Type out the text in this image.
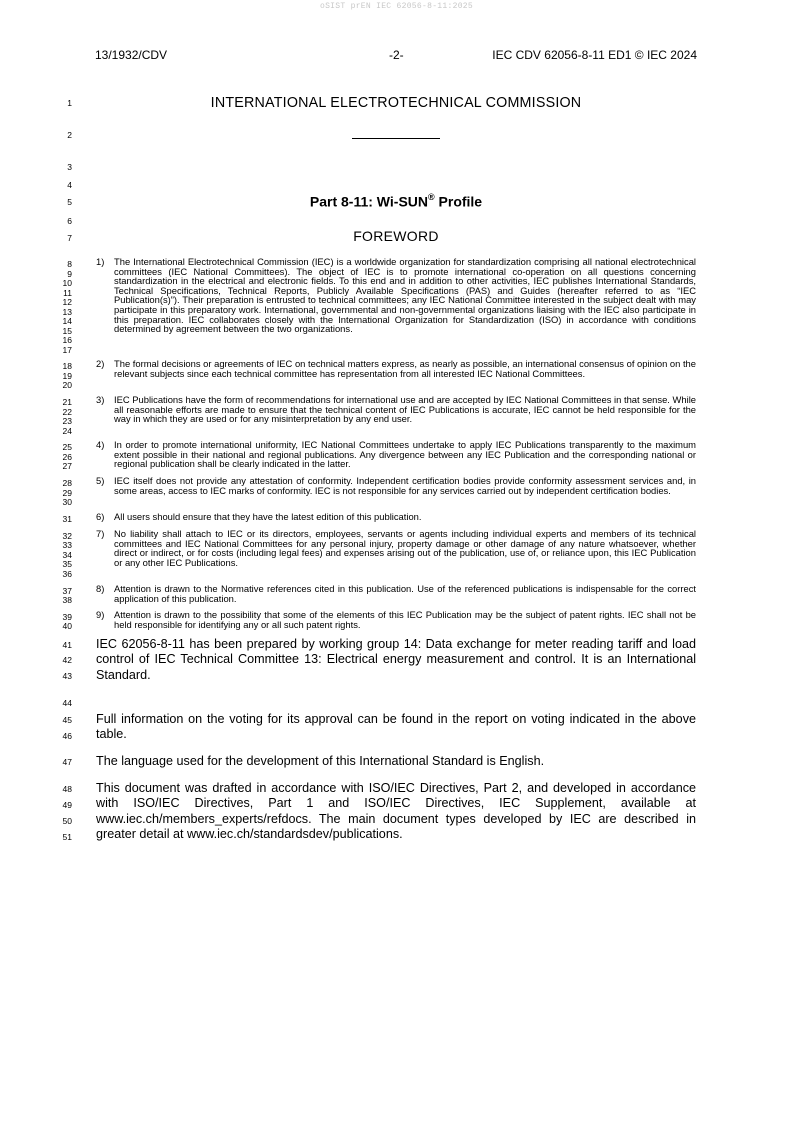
oSIST prEN IEC 62056-8-11:2025
13/1932/CDV	-2-	IEC CDV 62056-8-11 ED1 © IEC 2024
1
2
3
4
5
6
7
8
9
10
11
12
13
14
15
16
17
18
19
20
21
22
23
24
25
26
27
28
29
30
31
32
33
34
35
36
37
38
39
40
41
42
43
44
45
46
47
48
49
50
51
INTERNATIONAL ELECTROTECHNICAL COMMISSION
Part 8-11: Wi-SUN® Profile
FOREWORD
1)	The International Electrotechnical Commission (IEC) is a worldwide organization for standardization comprising all national electrotechnical committees (IEC National Committees). The object of IEC is to promote international co-operation on all questions concerning standardization in the electrical and electronic fields. To this end and in addition to other activities, IEC publishes International Standards, Technical Specifications, Technical Reports, Publicly Available Specifications (PAS) and Guides (hereafter referred to as “IEC Publication(s)”). Their preparation is entrusted to technical committees; any IEC National Committee interested in the subject dealt with may participate in this preparatory work. International, governmental and non-governmental organizations liaising with the IEC also participate in this preparation. IEC collaborates closely with the International Organization for Standardization (ISO) in accordance with conditions determined by agreement between the two organizations.
2)	The formal decisions or agreements of IEC on technical matters express, as nearly as possible, an international consensus of opinion on the relevant subjects since each technical committee has representation from all interested IEC National Committees.
3)	IEC Publications have the form of recommendations for international use and are accepted by IEC National Committees in that sense. While all reasonable efforts are made to ensure that the technical content of IEC Publications is accurate, IEC cannot be held responsible for the way in which they are used or for any misinterpretation by any end user.
4)	In order to promote international uniformity, IEC National Committees undertake to apply IEC Publications transparently to the maximum extent possible in their national and regional publications. Any divergence between any IEC Publication and the corresponding national or regional publication shall be clearly indicated in the latter.
5)	IEC itself does not provide any attestation of conformity. Independent certification bodies provide conformity assessment services and, in some areas, access to IEC marks of conformity. IEC is not responsible for any services carried out by independent certification bodies.
6)	All users should ensure that they have the latest edition of this publication.
7)	No liability shall attach to IEC or its directors, employees, servants or agents including individual experts and members of its technical committees and IEC National Committees for any personal injury, property damage or other damage of any nature whatsoever, whether direct or indirect, or for costs (including legal fees) and expenses arising out of the publication, use of, or reliance upon, this IEC Publication or any other IEC Publications.
8)	Attention is drawn to the Normative references cited in this publication. Use of the referenced publications is indispensable for the correct application of this publication.
9)	Attention is drawn to the possibility that some of the elements of this IEC Publication may be the subject of patent rights. IEC shall not be held responsible for identifying any or all such patent rights.
IEC 62056-8-11 has been prepared by working group 14: Data exchange for meter reading tariff and load control of IEC Technical Committee 13: Electrical energy measurement and control. It is an International Standard.
Full information on the voting for its approval can be found in the report on voting indicated in the above table.
The language used for the development of this International Standard is English.
This document was drafted in accordance with ISO/IEC Directives, Part 2, and developed in accordance with ISO/IEC Directives, Part 1 and ISO/IEC Directives, IEC Supplement, available at www.iec.ch/members_experts/refdocs. The main document types developed by IEC are described in greater detail at www.iec.ch/standardsdev/publications.
